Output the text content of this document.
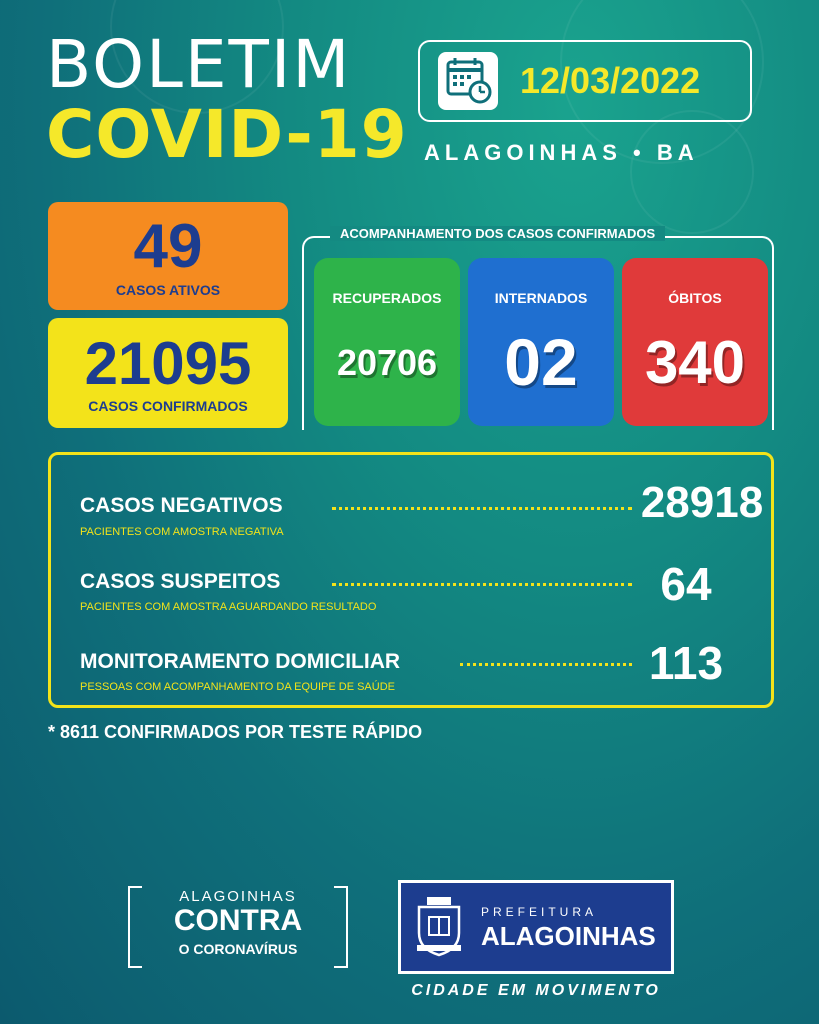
BOLETIM
COVID-19
12/03/2022
ALAGOINHAS • BA
49
CASOS ATIVOS
21095
CASOS CONFIRMADOS
ACOMPANHAMENTO DOS CASOS CONFIRMADOS
RECUPERADOS
20706
INTERNADOS
02
ÓBITOS
340
CASOS NEGATIVOS
PACIENTES COM AMOSTRA NEGATIVA
28918
CASOS SUSPEITOS
PACIENTES COM AMOSTRA AGUARDANDO RESULTADO	64
MONITORAMENTO DOMICILIAR
PESSOAS COM ACOMPANHAMENTO DA EQUIPE DE SAÚDE	113
* 8611 CONFIRMADOS POR TESTE RÁPIDO
ALAGOINHAS
CONTRA
O CORONAVÍRUS
PREFEITURA
ALAGOINHAS
CIDADE EM MOVIMENTO
